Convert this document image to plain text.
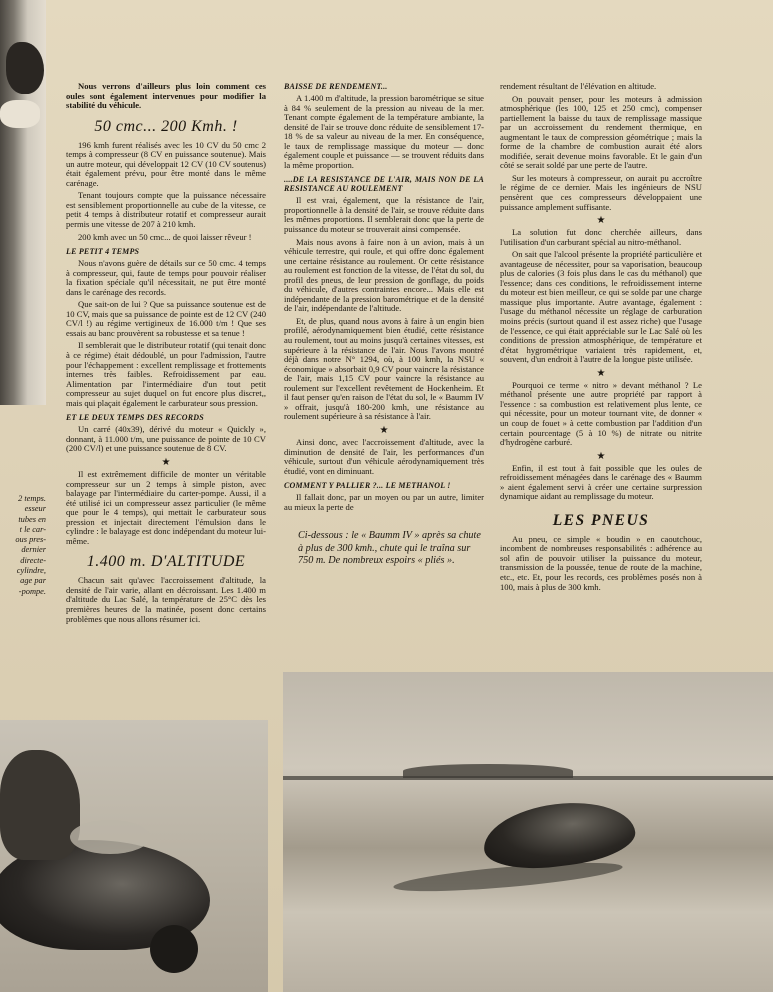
2 temps.
esseur
tubes en
t le car-
ous pres-
dernier
directe-
cylindre,
age par
-pompe.

Nous verrons d'ailleurs plus loin comment ces oules sont également intervenues pour modifier la stabilité du véhicule.

50 cmc... 200 Kmh. !

196 kmh furent réalisés avec les 10 CV du 50 cmc 2 temps à compresseur (8 CV en puissance soutenue). Mais un autre moteur, qui développait 12 CV (10 CV soutenus) était également prévu, pour être monté dans le même carénage.

Tenant toujours compte que la puissance nécessaire est sensiblement proportionnelle au cube de la vitesse, ce petit 4 temps à distributeur rotatif et compresseur aurait permis une vitesse de 207 à 210 kmh.

200 kmh avec un 50 cmc... de quoi laisser rêveur !

LE PETIT 4 TEMPS

Nous n'avons guère de détails sur ce 50 cmc. 4 temps à compresseur, qui, faute de temps pour pouvoir réaliser la fixation spéciale qu'il nécessitait, ne put être monté dans le carénage des records.

Que sait-on de lui ? Que sa puissance soutenue est de 10 CV, mais que sa puissance de pointe est de 12 CV (240 CV/l !) au régime vertigineux de 16.000 t/m ! Que ses essais au banc prouvèrent sa robustesse et sa tenue !

Il semblerait que le distributeur rotatif (qui tenait donc à ce régime) était dédoublé, un pour l'admission, l'autre pour l'échappement : excellent remplissage et frottements internes très faibles. Refroidissement par eau. Alimentation par l'intermédiaire d'un tout petit compresseur au sujet duquel on fut encore plus discret,, mais qui plaçait également le carburateur sous pression.

ET LE DEUX TEMPS DES RECORDS

Un carré (40x39), dérivé du moteur « Quickly », donnant, à 11.000 t/m, une puissance de pointe de 10 CV (200 CV/l) et une puissance soutenue de 8 CV.

★

Il est extrêmement difficile de monter un véritable compresseur sur un 2 temps à simple piston, avec balayage par l'intermédiaire du carter-pompe. Aussi, il a été utilisé ici un compresseur assez particulier (le même que pour le 4 temps), qui mettait le carburateur sous pression et injectait directement l'émulsion dans le cylindre : le balayage est donc indépendant du moteur lui-même.

1.400 m. D'ALTITUDE

Chacun sait qu'avec l'accroissement d'altitude, la densité de l'air varie, allant en décroissant. Les 1.400 m d'altitude du Lac Salé, la température de 25°C dès les premières heures de la matinée, posent donc certains problèmes que nous allons résumer ici.

BAISSE DE RENDEMENT...

A 1.400 m d'altitude, la pression barométrique se situe à 84 % seulement de la pression au niveau de la mer. Tenant compte également de la température ambiante, la densité de l'air se trouve donc réduite de sensiblement 17-18 % de sa valeur au niveau de la mer. En conséquence, le taux de remplissage massique du moteur — donc également couple et puissance — se trouvent réduits dans la même proportion.

....DE LA RESISTANCE DE L'AIR, MAIS NON DE LA RESISTANCE AU ROULEMENT

Il est vrai, également, que la résistance de l'air, proportionnelle à la densité de l'air, se trouve réduite dans les mêmes proportions. Il semblerait donc que la perte de puissance du moteur se trouverait ainsi compensée.

Mais nous avons à faire non à un avion, mais à un véhicule terrestre, qui roule, et qui offre donc également une certaine résistance au roulement. Or cette résistance au roulement est fonction de la vitesse, de l'état du sol, du profil des pneus, de leur pression de gonflage, du poids du véhicule, d'autres contraintes encore... Mais elle est indépendante de la pression barométrique et de la densité de l'air, indépendante de l'altitude.

Et, de plus, quand nous avons à faire à un engin bien profilé, aérodynamiquement bien étudié, cette résistance au roulement, tout au moins jusqu'à certaines vitesses, est supérieure à la résistance de l'air. Nous l'avons montré déjà dans notre N° 1294, où, à 100 kmh, la NSU « économique » absorbait 0,9 CV pour vaincre la résistance de l'air, mais 1,15 CV pour vaincre la résistance au roulement sur l'excellent revêtement de Hockenheim. Et il faut penser qu'en raison de l'état du sol, le « Baumm IV » offrait, jusqu'à 180-200 kmh, une résistance au roulement supérieure à sa résistance à l'air.

★

Ainsi donc, avec l'accroissement d'altitude, avec la diminution de densité de l'air, les performances d'un véhicule, surtout d'un véhicule aérodynamiquement très étudié, vont en diminuant.

COMMENT Y PALLIER ?... LE METHANOL !

Il fallait donc, par un moyen ou par un autre, limiter au mieux la perte de

Ci-dessous : le « Baumm IV » après sa chute à plus de 300 kmh., chute qui le traîna sur 750 m. De nombreux espoirs « pliés ».

rendement résultant de l'élévation en altitude.

On pouvait penser, pour les moteurs à admission atmosphérique (les 100, 125 et 250 cmc), compenser partiellement la baisse du taux de remplissage massique par un accroissement du rendement thermique, en augmentant le taux de compression géométrique ; mais la forme de la chambre de combustion aurait été alors modifiée, serait devenue moins favorable. Et le gain d'un côté se serait soldé par une perte de l'autre.

Sur les moteurs à compresseur, on aurait pu accroître le régime de ce dernier. Mais les ingénieurs de NSU pensèrent que ces compresseurs développaient une puissance amplement suffisante.

★

La solution fut donc cherchée ailleurs, dans l'utilisation d'un carburant spécial au nitro-méthanol.

On sait que l'alcool présente la propriété particulière et avantageuse de nécessiter, pour sa vaporisation, beaucoup plus de calories (3 fois plus dans le cas du méthanol) que l'essence; dans ces conditions, le refroidissement interne du moteur est bien meilleur, ce qui se solde par une charge massique plus importante. Autre avantage, également : l'usage du méthanol nécessite un réglage de carburation moins précis (surtout quand il est assez riche) que l'usage de l'essence, ce qui était appréciable sur le Lac Salé où les conditions de pression atmosphérique, de température et d'état hygrométrique variaient très rapidement, et, souvent, d'un endroit à l'autre de la longue piste utilisée.

★

Pourquoi ce terme « nitro » devant méthanol ? Le méthanol présente une autre propriété par rapport à l'essence : sa combustion est relativement plus lente, ce qui nécessite, pour un moteur tournant vite, de donner « un coup de fouet » à cette combustion par l'addition d'un certain pourcentage (5 à 10 %) de nitrate ou nitrite d'hydrogène carburé.

★

Enfin, il est tout à fait possible que les oules de refroidissement ménagées dans le carénage des « Baumm » aient également servi à créer une certaine surpression dynamique aidant au remplissage du moteur.

LES PNEUS

Au pneu, ce simple « boudin » en caoutchouc, incombent de nombreuses responsabilités : adhérence au sol afin de pouvoir utiliser la puissance du moteur, transmission de la poussée, tenue de route de la machine, etc., etc. Et, pour les records, ces problèmes posés non à 100, mais à plus de 300 kmh.
